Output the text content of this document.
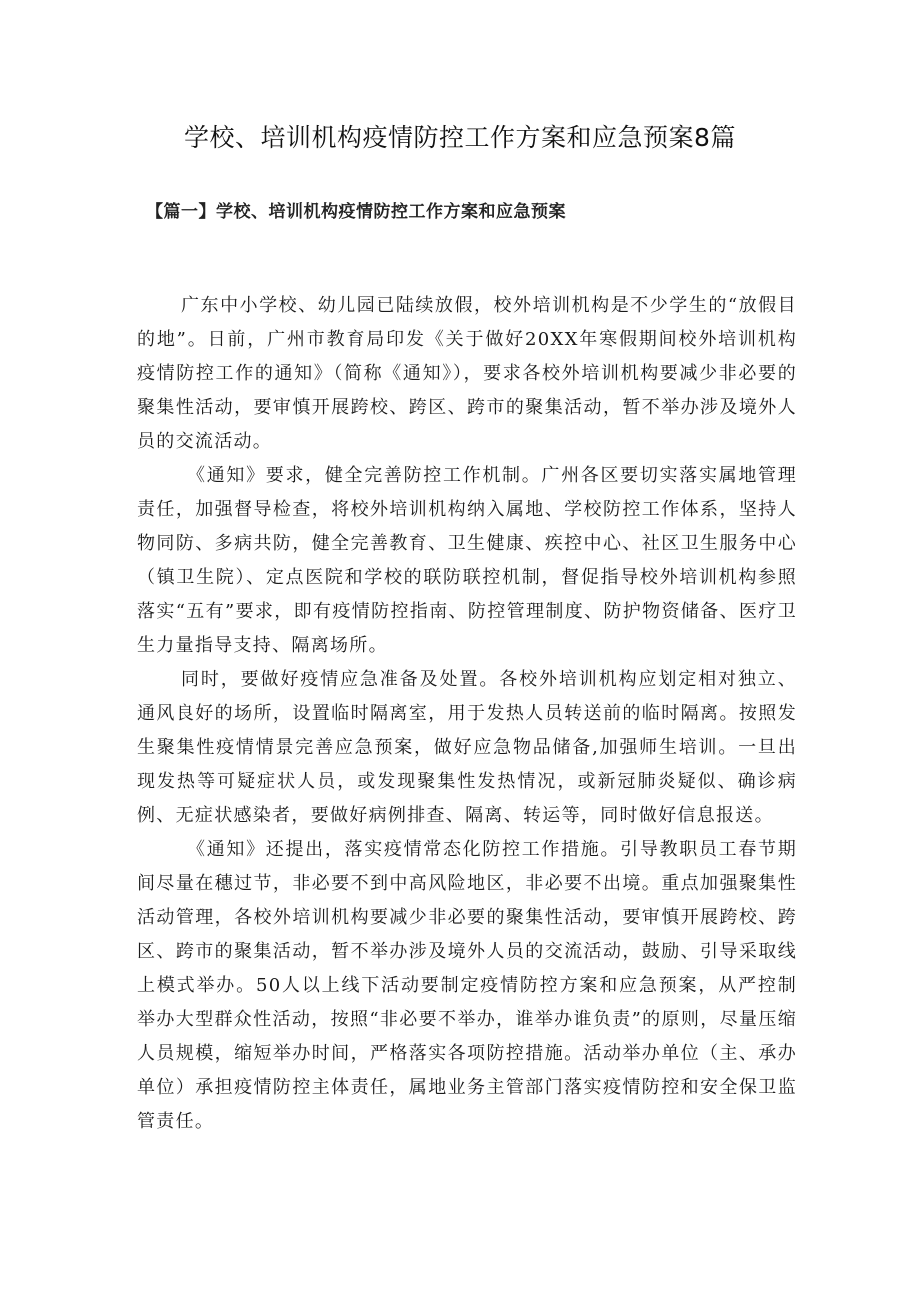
学校、培训机构疫情防控工作方案和应急预案8篇
【篇一】学校、培训机构疫情防控工作方案和应急预案

广东中小学校、幼儿园已陆续放假，校外培训机构是不少学生的“放假目的地”。日前，广州市教育局印发《关于做好20XX年寒假期间校外培训机构疫情防控工作的通知》（简称《通知》），要求各校外培训机构要减少非必要的聚集性活动，要审慎开展跨校、跨区、跨市的聚集活动，暂不举办涉及境外人员的交流活动。

《通知》要求，健全完善防控工作机制。广州各区要切实落实属地管理责任，加强督导检查，将校外培训机构纳入属地、学校防控工作体系，坚持人物同防、多病共防，健全完善教育、卫生健康、疾控中心、社区卫生服务中心（镇卫生院）、定点医院和学校的联防联控机制，督促指导校外培训机构参照落实“五有”要求，即有疫情防控指南、防控管理制度、防护物资储备、医疗卫生力量指导支持、隔离场所。

同时，要做好疫情应急准备及处置。各校外培训机构应划定相对独立、通风良好的场所，设置临时隔离室，用于发热人员转送前的临时隔离。按照发生聚集性疫情情景完善应急预案，做好应急物品储备,加强师生培训。一旦出现发热等可疑症状人员，或发现聚集性发热情况，或新冠肺炎疑似、确诊病例、无症状感染者，要做好病例排查、隔离、转运等，同时做好信息报送。

《通知》还提出，落实疫情常态化防控工作措施。引导教职员工春节期间尽量在穗过节，非必要不到中高风险地区，非必要不出境。重点加强聚集性活动管理，各校外培训机构要减少非必要的聚集性活动，要审慎开展跨校、跨区、跨市的聚集活动，暂不举办涉及境外人员的交流活动，鼓励、引导采取线上模式举办。50人以上线下活动要制定疫情防控方案和应急预案，从严控制举办大型群众性活动，按照“非必要不举办，谁举办谁负责”的原则，尽量压缩人员规模，缩短举办时间，严格落实各项防控措施。活动举办单位（主、承办单位）承担疫情防控主体责任，属地业务主管部门落实疫情防控和安全保卫监管责任。
